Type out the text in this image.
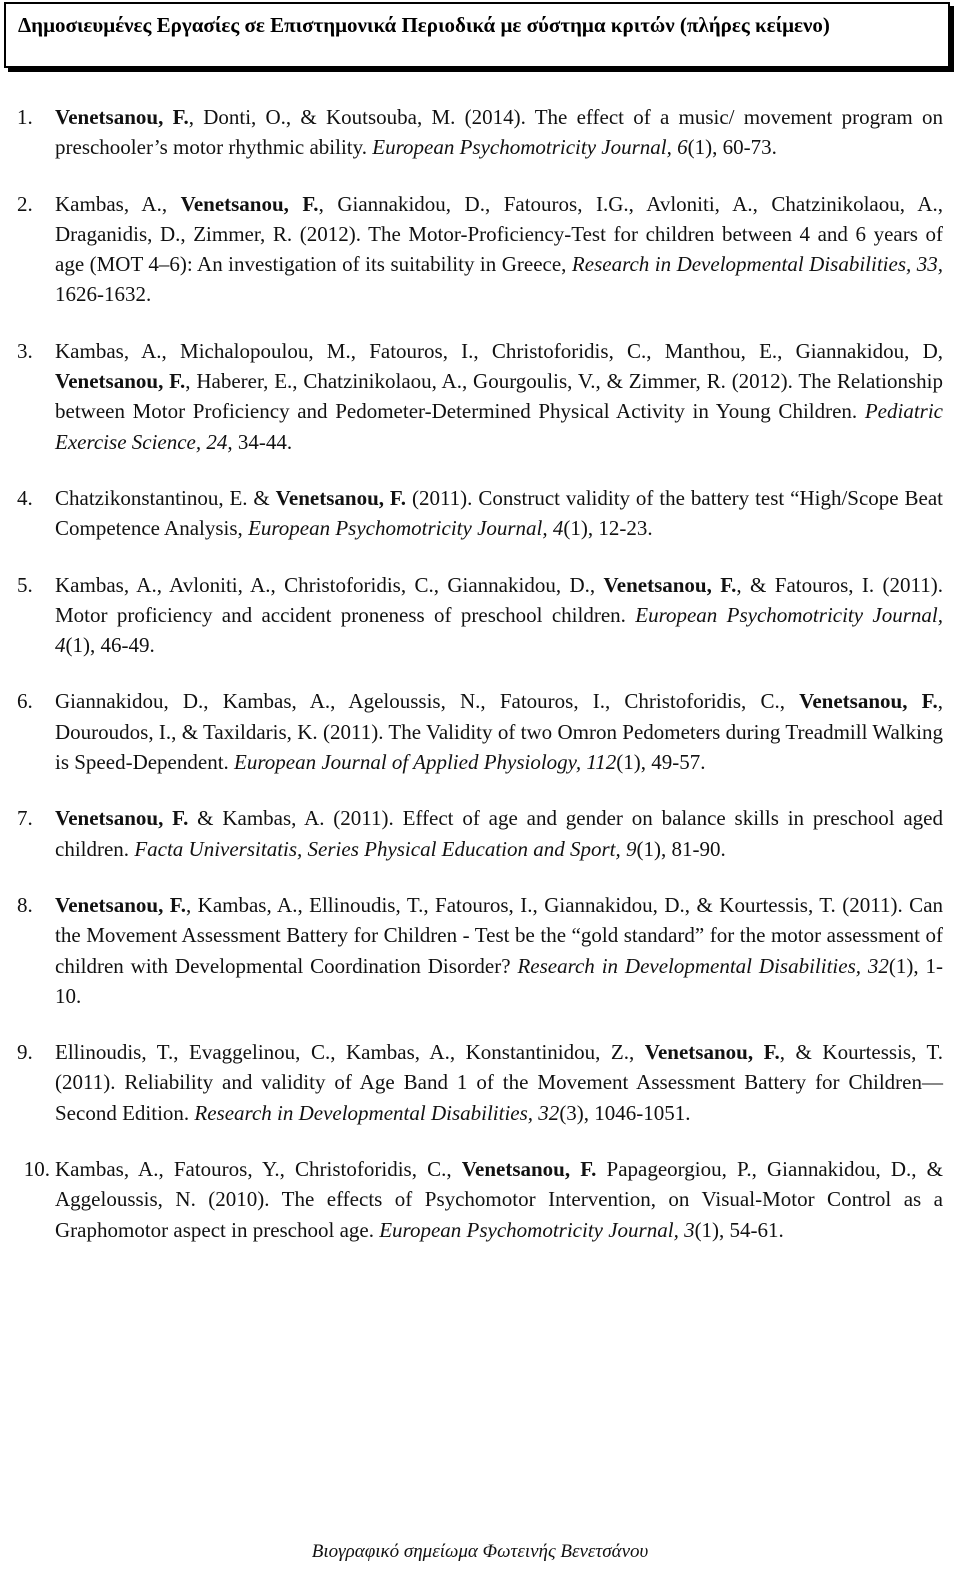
Δημοσιευμένες Εργασίες σε Επιστημονικά Περιοδικά με σύστημα κριτών (πλήρες κείμενο)
1. Venetsanou, F., Donti, O., & Koutsouba, M. (2014). The effect of a music/ movement program on preschooler’s motor rhythmic ability. European Psychomotricity Journal, 6(1), 60-73.
2. Kambas, A., Venetsanou, F., Giannakidou, D., Fatouros, I.G., Avloniti, A., Chatzinikolaou, A., Draganidis, D., Zimmer, R. (2012). The Motor-Proficiency-Test for children between 4 and 6 years of age (MOT 4–6): An investigation of its suitability in Greece, Research in Developmental Disabilities, 33, 1626-1632.
3. Kambas, A., Michalopoulou, M., Fatouros, I., Christoforidis, C., Manthou, E., Giannakidou, D, Venetsanou, F., Haberer, E., Chatzinikolaou, A., Gourgoulis, V., & Zimmer, R. (2012). The Relationship between Motor Proficiency and Pedometer-Determined Physical Activity in Young Children. Pediatric Exercise Science, 24, 34-44.
4. Chatzikonstantinou, E. & Venetsanou, F. (2011). Construct validity of the battery test “High/Scope Beat Competence Analysis, European Psychomotricity Journal, 4(1), 12-23.
5. Kambas, A., Avloniti, A., Christoforidis, C., Giannakidou, D., Venetsanou, F., & Fatouros, I. (2011). Motor proficiency and accident proneness of preschool children. European Psychomotricity Journal, 4(1), 46-49.
6. Giannakidou, D., Kambas, A., Ageloussis, N., Fatouros, I., Christoforidis, C., Venetsanou, F., Douroudos, I., & Taxildaris, K. (2011). The Validity of two Omron Pedometers during Treadmill Walking is Speed-Dependent. European Journal of Applied Physiology, 112(1), 49-57.
7. Venetsanou, F. & Kambas, A. (2011). Effect of age and gender on balance skills in preschool aged children. Facta Universitatis, Series Physical Education and Sport, 9(1), 81-90.
8. Venetsanou, F., Kambas, A., Ellinoudis, T., Fatouros, I., Giannakidou, D., & Kourtessis, T. (2011). Can the Movement Assessment Battery for Children - Test be the “gold standard” for the motor assessment of children with Developmental Coordination Disorder? Research in Developmental Disabilities, 32(1), 1-10.
9. Ellinoudis, T., Evaggelinou, C., Kambas, A., Konstantinidou, Z., Venetsanou, F., & Kourtessis, T. (2011). Reliability and validity of Age Band 1 of the Movement Assessment Battery for Children—Second Edition. Research in Developmental Disabilities, 32(3), 1046-1051.
10. Kambas, A., Fatouros, Y., Christoforidis, C., Venetsanou, F. Papageorgiou, P., Giannakidou, D., & Aggeloussis, N. (2010). The effects of Psychomotor Intervention, on Visual-Motor Control as a Graphomotor aspect in preschool age. European Psychomotricity Journal, 3(1), 54-61.
Βιογραφικό σημείωμα Φωτεινής Βενετσάνου
